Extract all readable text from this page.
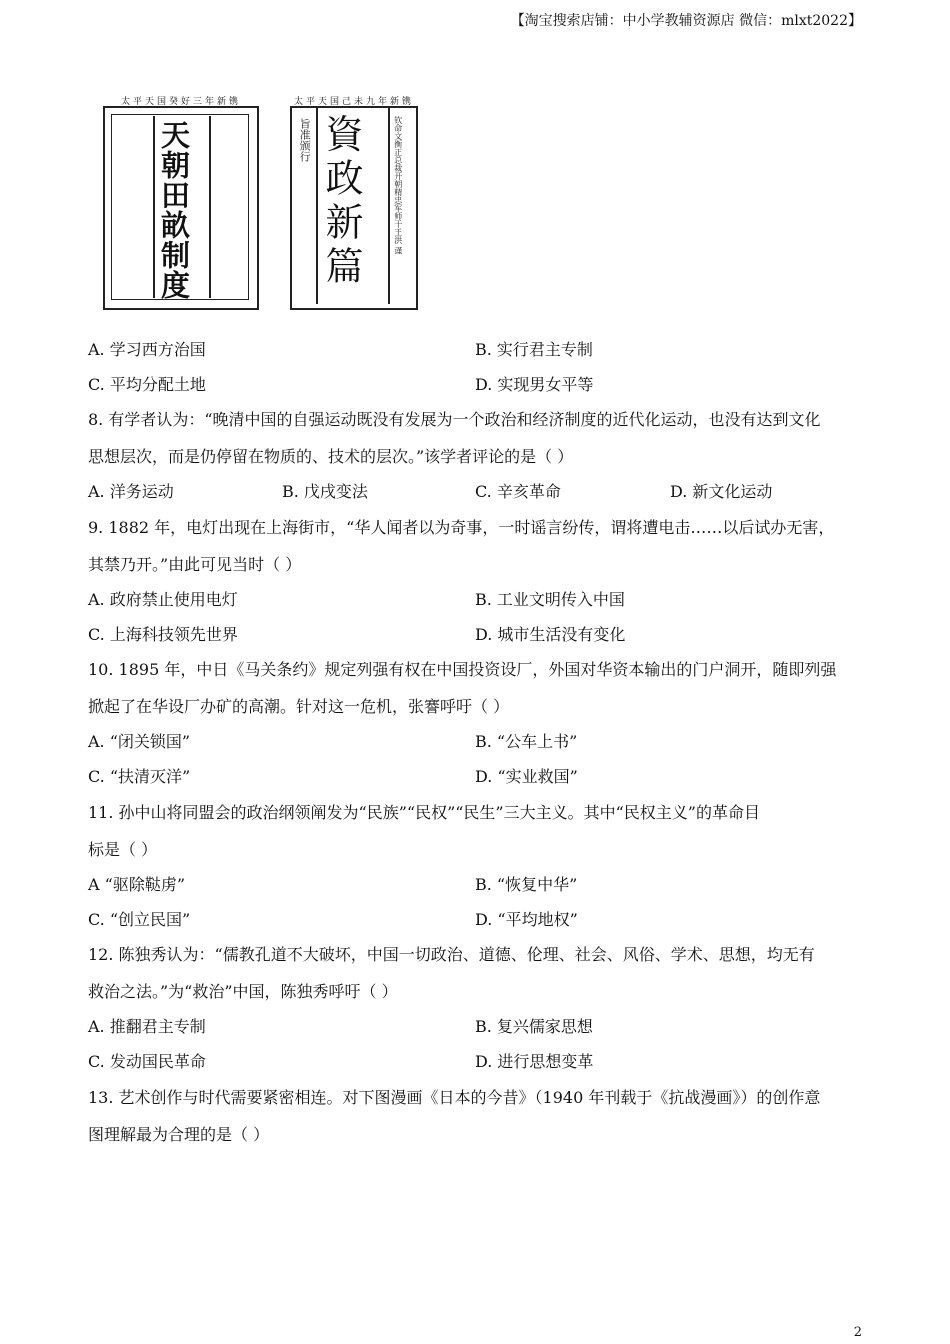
【淘宝搜索店铺：中小学教辅资源店 微信：mlxt2022】
太平天国癸好三年新镌
天朝田畝制度
太平天国己未九年新镌
旨准颁行 資政新篇	钦命文衡正总裁开朝精忠军师干王洪 谨
A. 学习西方治国	B. 实行君主专制
C. 平均分配土地	D. 实现男女平等
8. 有学者认为：“晚清中国的自强运动既没有发展为一个政治和经济制度的近代化运动，也没有达到文化
思想层次，而是仍停留在物质的、技术的层次。”该学者评论的是（ ）
A. 洋务运动	B. 戊戌变法	C. 辛亥革命	D. 新文化运动
9. 1882 年，电灯出现在上海街市，“华人闻者以为奇事，一时谣言纷传，谓将遭电击……以后试办无害，
其禁乃开。”由此可见当时（ ）
A. 政府禁止使用电灯	B. 工业文明传入中国
C. 上海科技领先世界	D. 城市生活没有变化
10. 1895 年，中日《马关条约》规定列强有权在中国投资设厂，外国对华资本输出的门户洞开，随即列强
掀起了在华设厂办矿的高潮。针对这一危机，张謇呼吁（ ）
A. “闭关锁国”	B. “公车上书”
C. “扶清灭洋”	D. “实业救国”
11. 孙中山将同盟会的政治纲领阐发为“民族”“民权”“民生”三大主义。其中“民权主义”的革命目
标是（ ）
A “驱除鞑虏”	B. “恢复中华”
C. “创立民国”	D. “平均地权”
12. 陈独秀认为：“儒教孔道不大破坏，中国一切政治、道德、伦理、社会、风俗、学术、思想，均无有
救治之法。”为“救治”中国，陈独秀呼吁（ ）
A. 推翻君主专制	B. 复兴儒家思想
C. 发动国民革命	D. 进行思想变革
13. 艺术创作与时代需要紧密相连。对下图漫画《日本的今昔》（1940 年刊载于《抗战漫画》）的创作意
图理解最为合理的是（ ）
2
